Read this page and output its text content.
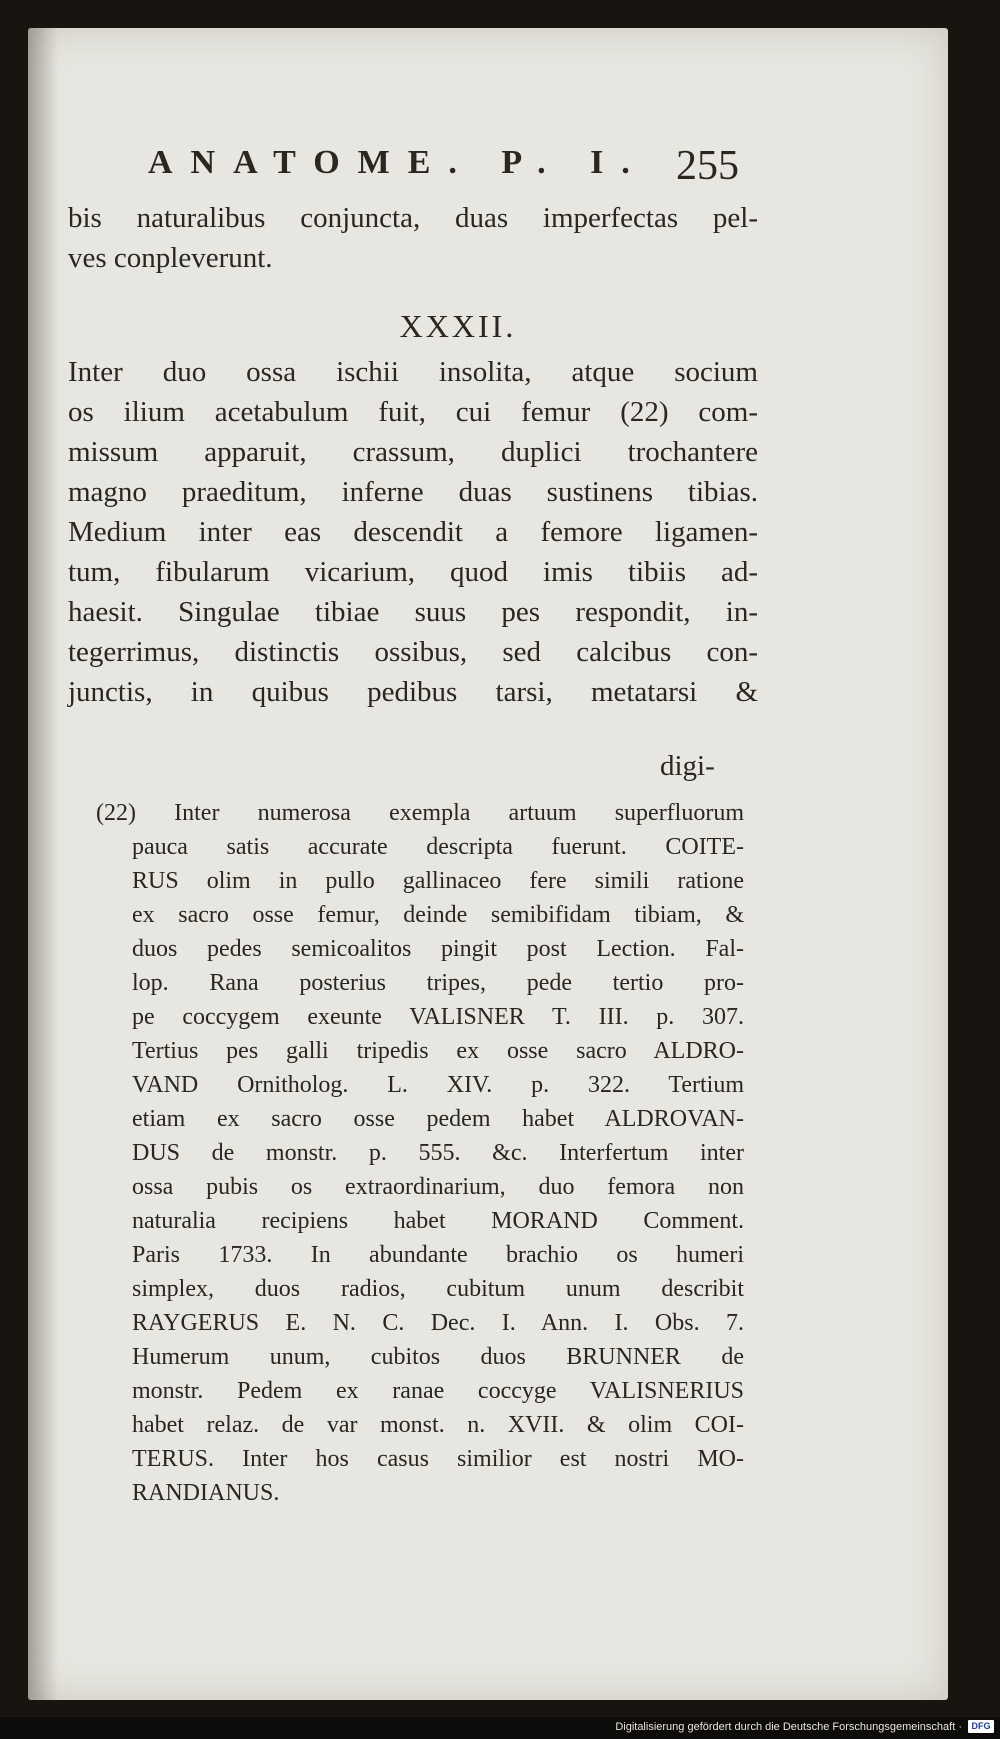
ANATOME. P. I. 255
bis naturalibus conjuncta, duas imperfectas pel-
ves conpleverunt.
XXXII.
Inter duo ossa ischii insolita, atque socium
os ilium acetabulum fuit, cui femur (22) com-
missum apparuit, crassum, duplici trochantere
magno praeditum, inferne duas sustinens tibias.
Medium inter eas descendit a femore ligamen-
tum, fibularum vicarium, quod imis tibiis ad-
haesit. Singulae tibiae suus pes respondit, in-
tegerrimus, distinctis ossibus, sed calcibus con-
junctis, in quibus pedibus tarsi, metatarsi &
digi-
(22) Inter numerosa exempla artuum superfluorum
pauca satis accurate descripta fuerunt. COITE-
RUS olim in pullo gallinaceo fere simili ratione
ex sacro osse femur, deinde semibifidam tibiam, &
duos pedes semicoalitos pingit post Lection. Fal-
lop. Rana posterius tripes, pede tertio pro-
pe coccygem exeunte VALISNER T. III. p. 307.
Tertius pes galli tripedis ex osse sacro ALDRO-
VAND Ornitholog. L. XIV. p. 322. Tertium
etiam ex sacro osse pedem habet ALDROVAN-
DUS de monstr. p. 555. &c. Interfertum inter
ossa pubis os extraordinarium, duo femora non
naturalia recipiens habet MORAND Comment.
Paris 1733. In abundante brachio os humeri
simplex, duos radios, cubitum unum describit
RAYGERUS E. N. C. Dec. I. Ann. I. Obs. 7.
Humerum unum, cubitos duos BRUNNER de
monstr. Pedem ex ranae coccyge VALISNERIUS
habet relaz. de var monst. n. XVII. & olim COI-
TERUS. Inter hos casus similior est nostri MO-
RANDIANUS.
Digitalisierung gefördert durch die Deutsche Forschungsgemeinschaft ·	DFG
